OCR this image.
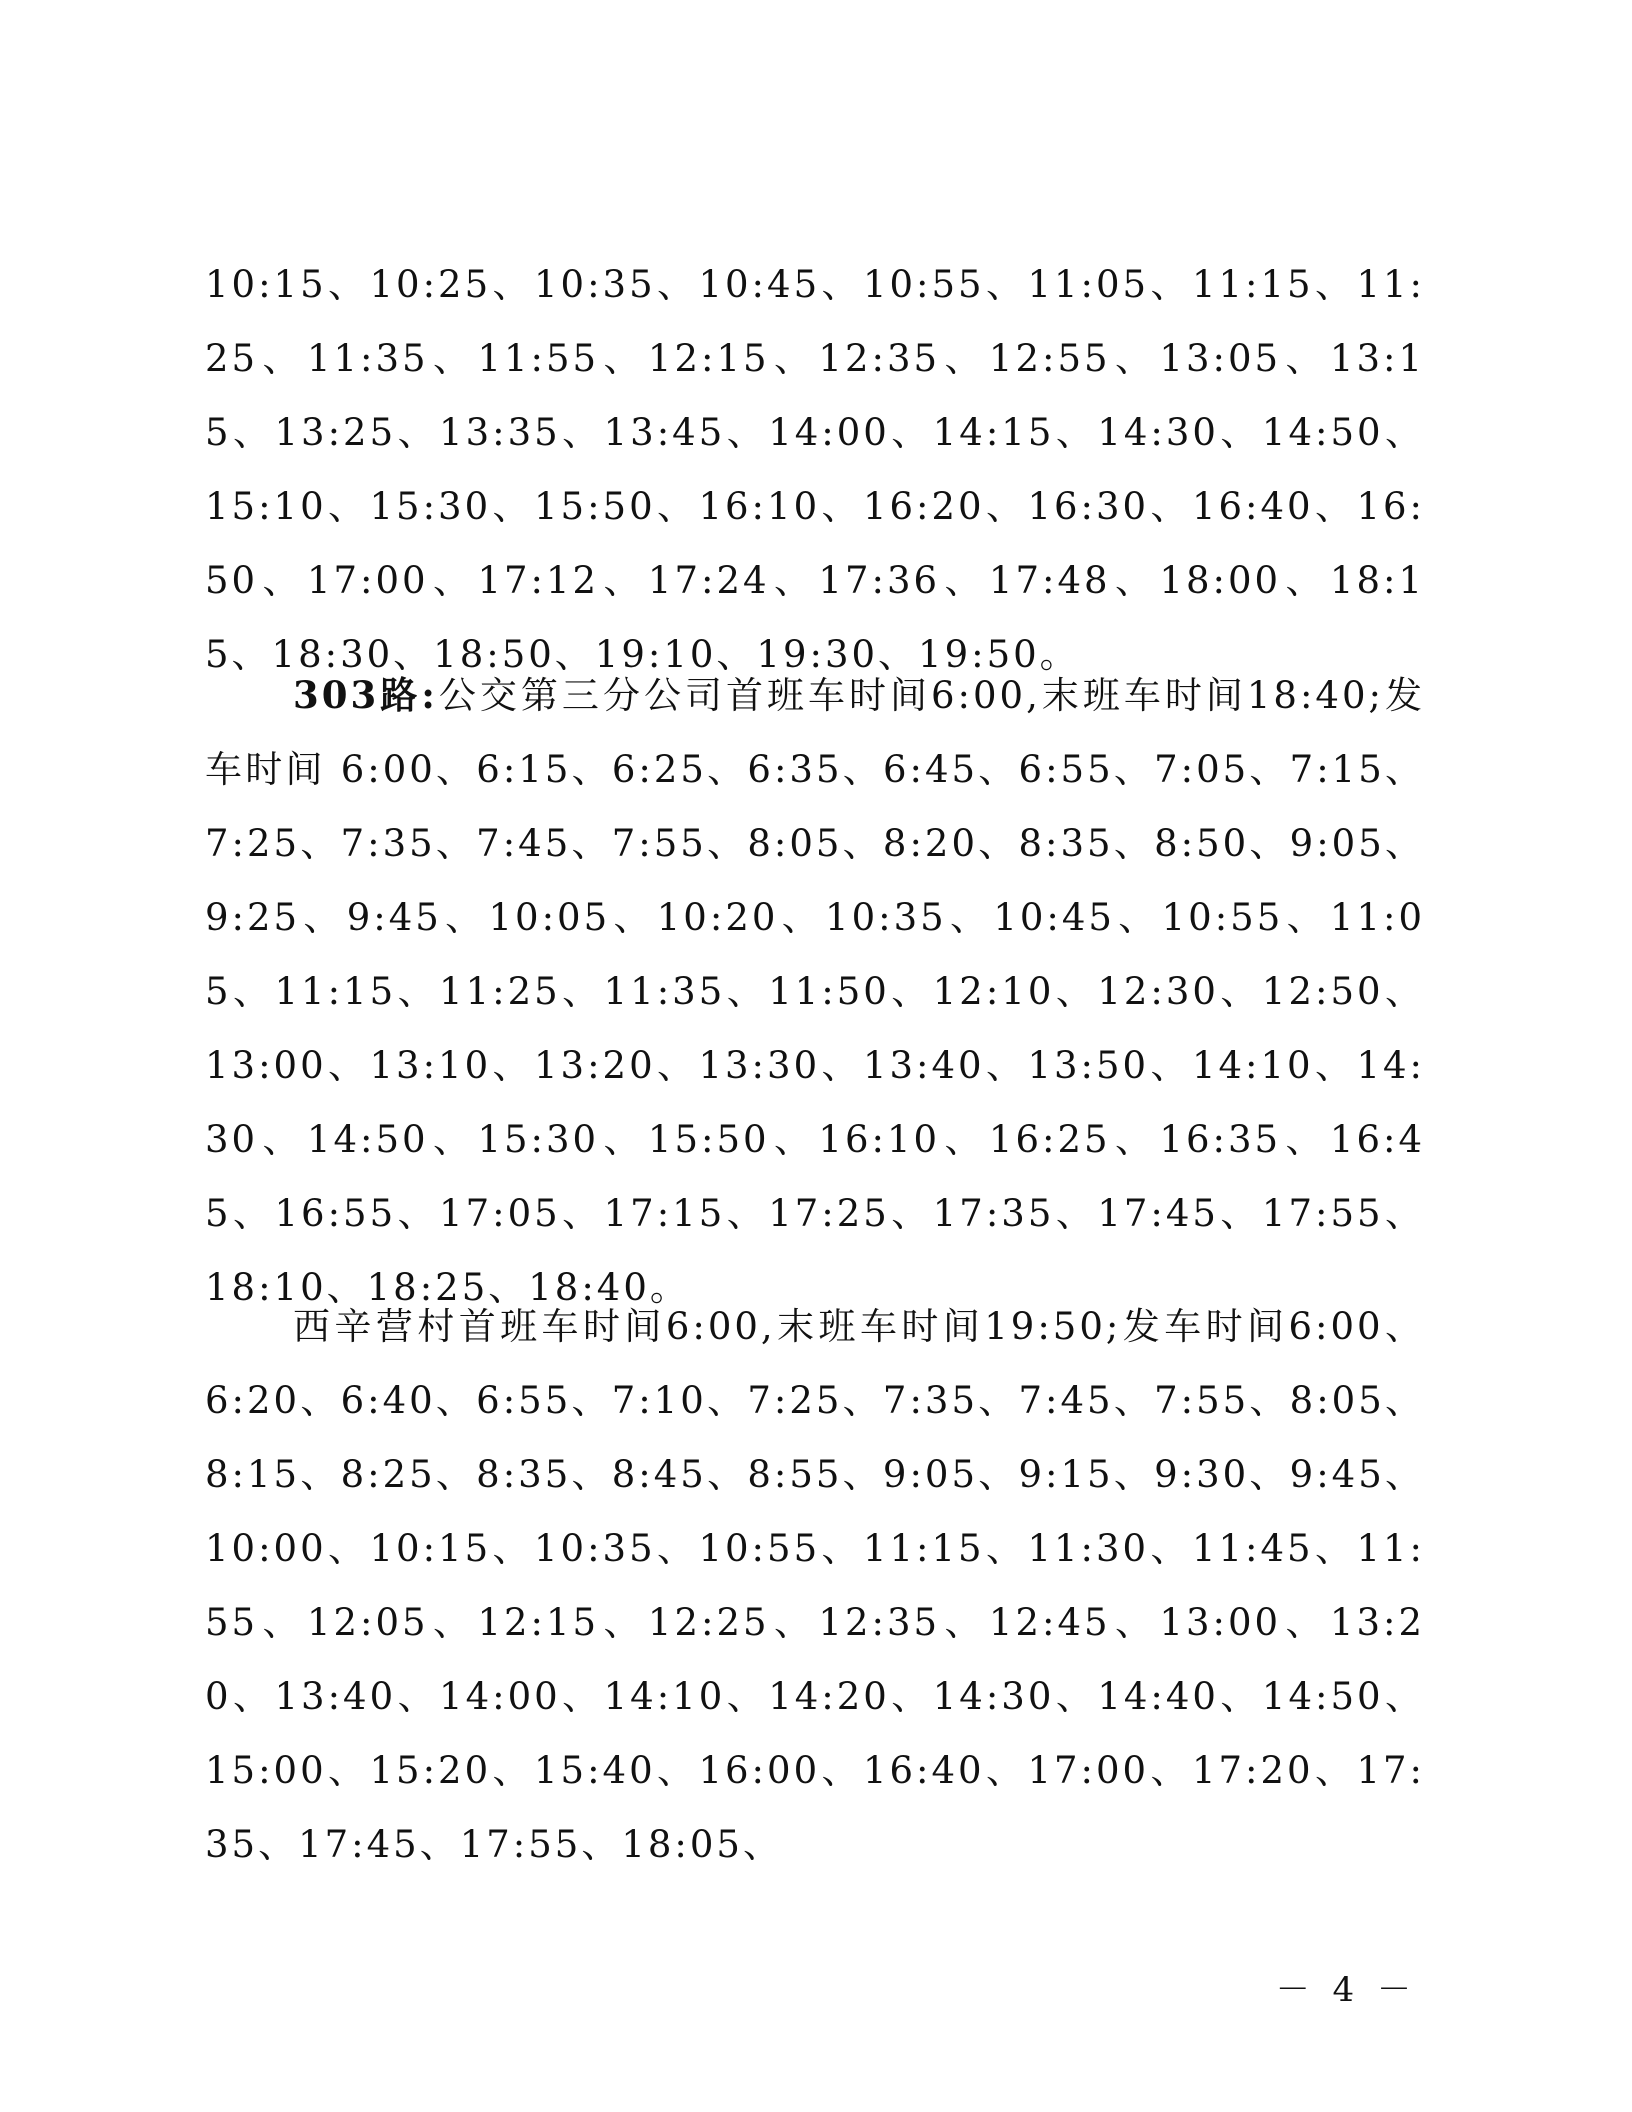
10:15、10:25、10:35、10:45、10:55、11:05、11:15、11:25、11:35、11:55、12:15、12:35、12:55、13:05、13:15、13:25、13:35、13:45、14:00、14:15、14:30、14:50、15:10、15:30、15:50、16:10、16:20、16:30、16:40、16:50、17:00、17:12、17:24、17:36、17:48、18:00、18:15、18:30、18:50、19:10、19:30、19:50。
303路:公交第三分公司首班车时间6:00,末班车时间18:40;发车时间 6:00、6:15、6:25、6:35、6:45、6:55、7:05、7:15、7:25、7:35、7:45、7:55、8:05、8:20、8:35、8:50、9:05、9:25、9:45、10:05、10:20、10:35、10:45、10:55、11:05、11:15、11:25、11:35、11:50、12:10、12:30、12:50、13:00、13:10、13:20、13:30、13:40、13:50、14:10、14:30、14:50、15:30、15:50、16:10、16:25、16:35、16:45、16:55、17:05、17:15、17:25、17:35、17:45、17:55、18:10、18:25、18:40。
西辛营村首班车时间6:00,末班车时间19:50;发车时间6:00、6:20、6:40、6:55、7:10、7:25、7:35、7:45、7:55、8:05、8:15、8:25、8:35、8:45、8:55、9:05、9:15、9:30、9:45、10:00、10:15、10:35、10:55、11:15、11:30、11:45、11:55、12:05、12:15、12:25、12:35、12:45、13:00、13:20、13:40、14:00、14:10、14:20、14:30、14:40、14:50、15:00、15:20、15:40、16:00、16:40、17:00、17:20、17:35、17:45、17:55、18:05、
－ 4 －
